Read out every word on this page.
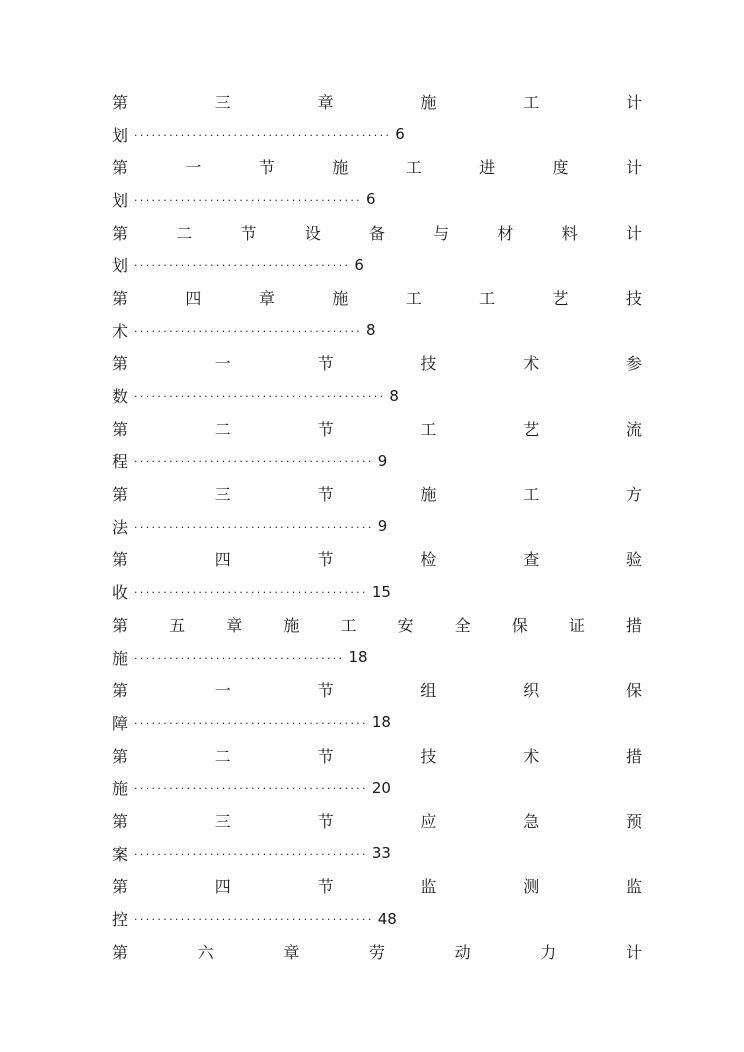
第	三	章	施	工	计
划 ············································ 6
第	一	节	施	工	进	度	计
划 ······································· 6
第	二	节	设	备	与	材	料	计
划 ····································· 6
第	四	章	施	工	工	艺	技
术 ······································· 8
第	一	节	技	术	参
数 ··········································· 8
第	二	节	工	艺	流
程 ········································· 9
第	三	节	施	工	方
法 ········································· 9
第	四	节	检	查	验
收 ········································ 15
第	五	章	施	工	安	全	保	证	措
施 ···································· 18
第	一	节	组	织	保
障 ········································ 18
第	二	节	技	术	措
施 ········································ 20
第	三	节	应	急	预
案 ········································ 33
第	四	节	监	测	监
控 ········································· 48
第	六	章	劳	动	力	计
